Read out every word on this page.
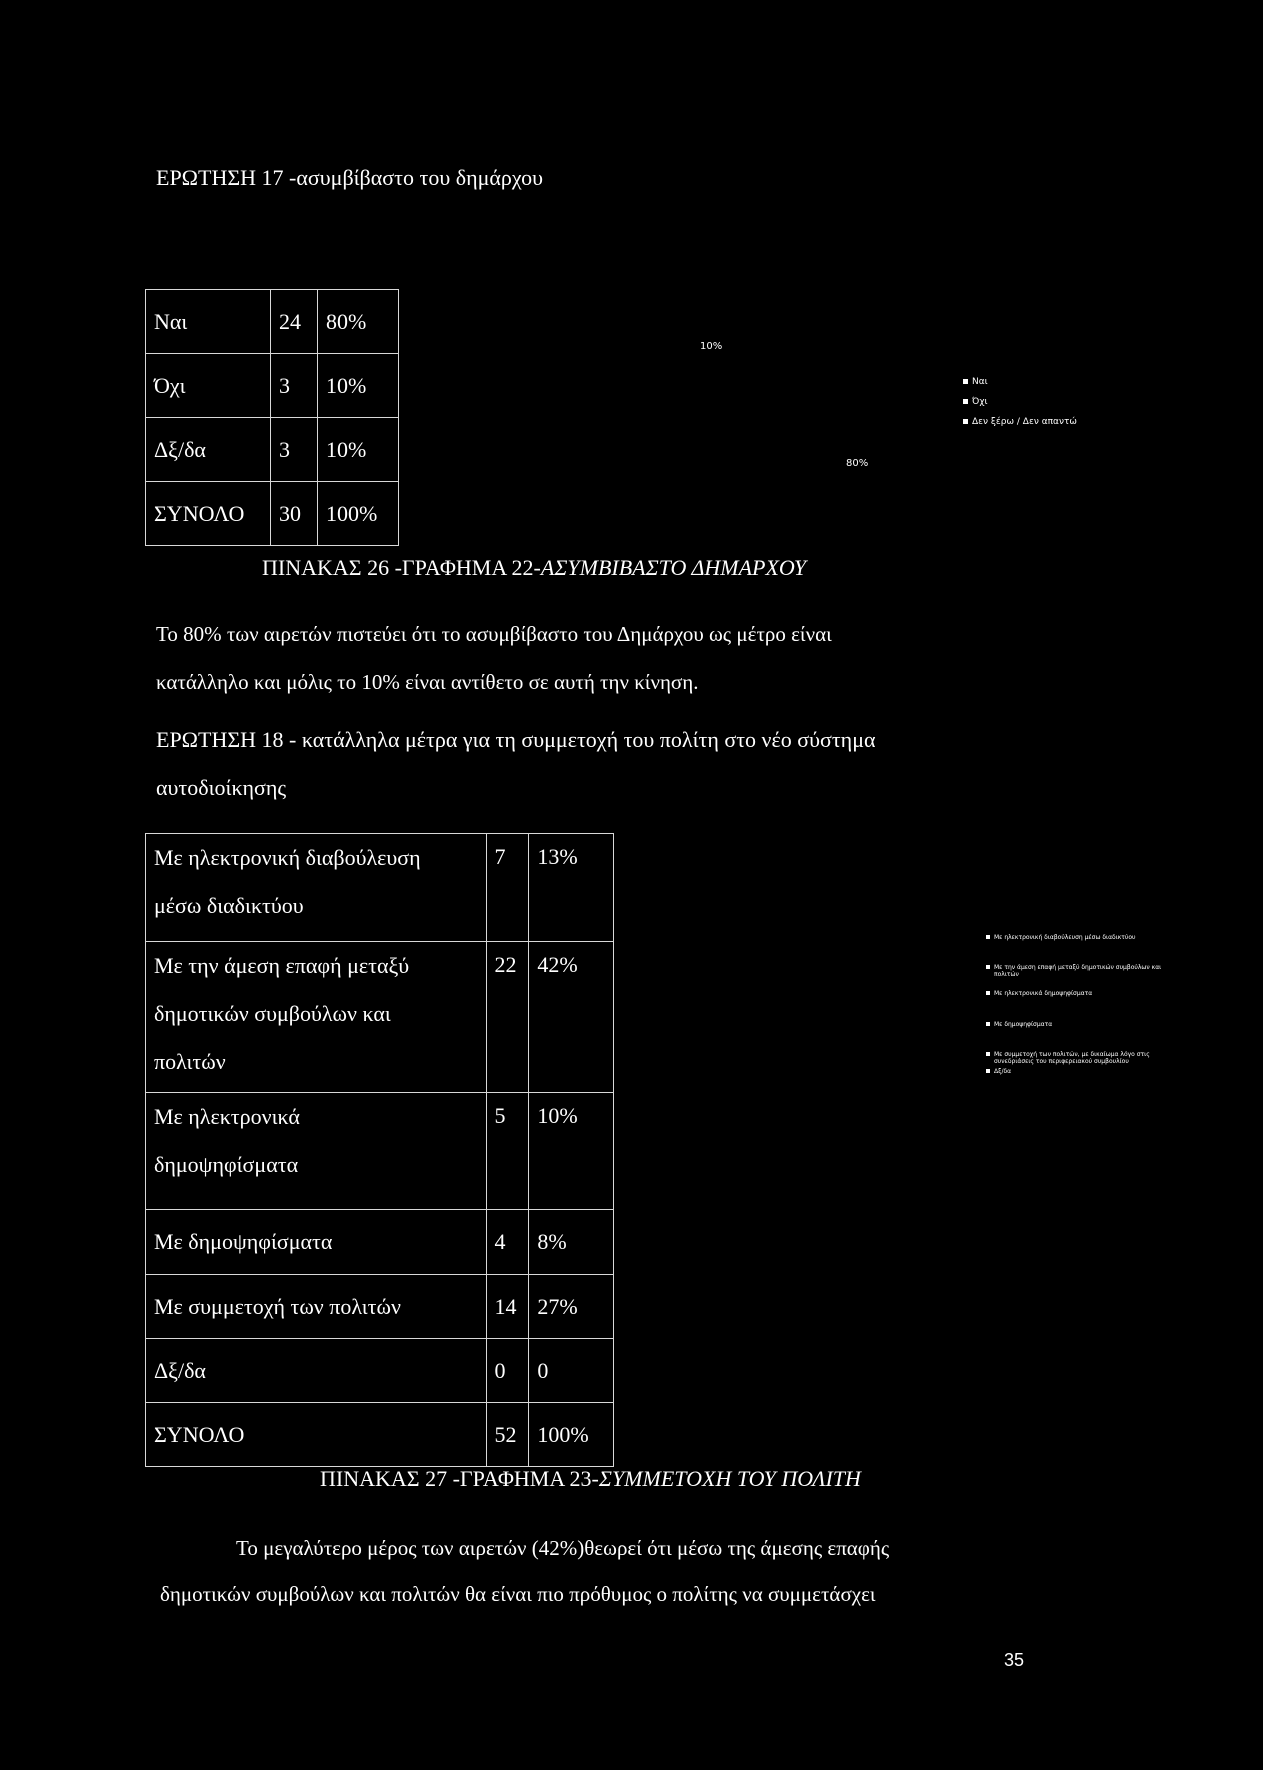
ΕΡΩΤΗΣΗ 17 -ασυμβίβαστο του δημάρχου
Ναι	24	80%
Όχι	3	10%
Δξ/δα	3	10%
ΣΥΝΟΛΟ	30	100%
10%
80%
Ναι
Όχι
Δεν ξέρω / Δεν απαντώ
ΠΙΝΑΚΑΣ 26 -ΓΡΑΦΗΜΑ 22-ΑΣΥΜΒΙΒΑΣΤΟ ΔΗΜΑΡΧΟΥ
Το 80% των αιρετών πιστεύει ότι το ασυμβίβαστο του Δημάρχου ως μέτρο είναι
κατάλληλο και μόλις το 10% είναι αντίθετο σε αυτή την κίνηση.
ΕΡΩΤΗΣΗ 18 - κατάλληλα μέτρα για τη συμμετοχή του πολίτη στο νέο σύστημα
αυτοδιοίκησης
Με ηλεκτρονική διαβούλευση
μέσω διαδικτύου	7	13%

Με την άμεση επαφή μεταξύ
δημοτικών συμβούλων και
πολιτών	22	42%

Με ηλεκτρονικά
δημοψηφίσματα	5	10%
Με δημοψηφίσματα	4	8%
Με συμμετοχή των πολιτών	14	27%
Δξ/δα	0	0
ΣΥΝΟΛΟ	52	100%
Με ηλεκτρονική διαβούλευση μέσω διαδικτύου
Με την άμεση επαφή μεταξύ δημοτικών συμβούλων και πολιτών
Με ηλεκτρονικά δημοψηφίσματα
Με δημοψηφίσματα
Με συμμετοχή των πολιτών, με δικαίωμα λόγο στις συνεδριάσεις του περιφερειακού συμβουλίου
Δξ/δα
ΠΙΝΑΚΑΣ 27 -ΓΡΑΦΗΜΑ 23-ΣΥΜΜΕΤΟΧΗ ΤΟΥ ΠΟΛΙΤΗ
Το μεγαλύτερο μέρος των αιρετών (42%)θεωρεί ότι μέσω της άμεσης επαφής
δημοτικών συμβούλων και πολιτών θα είναι πιο πρόθυμος ο πολίτης να συμμετάσχει
35
